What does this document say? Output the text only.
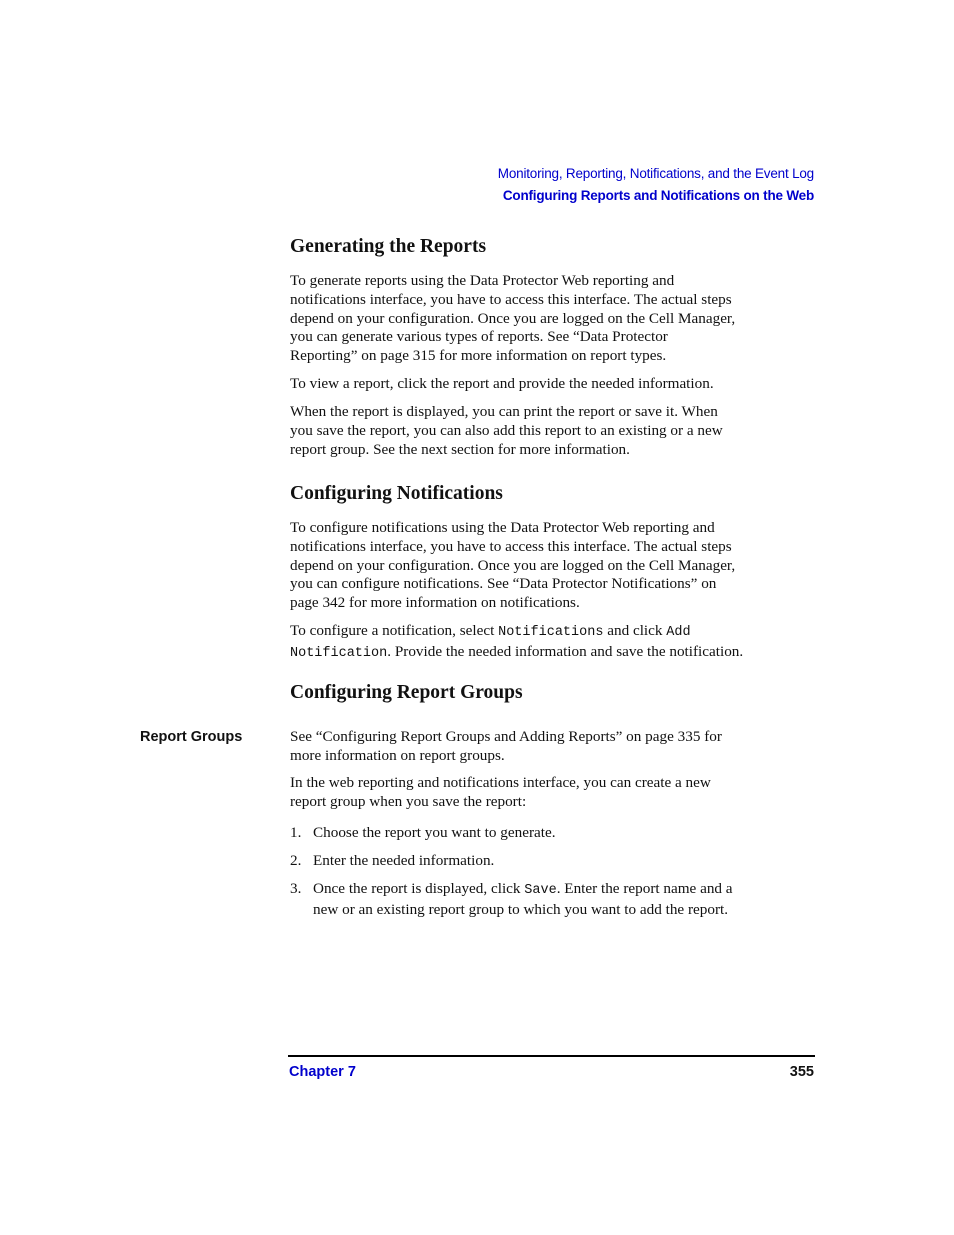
Monitoring, Reporting, Notifications, and the Event Log
Configuring Reports and Notifications on the Web
Generating the Reports

To generate reports using the Data Protector Web reporting and
notifications interface, you have to access this interface. The actual steps
depend on your configuration. Once you are logged on the Cell Manager,
you can generate various types of reports. See “Data Protector
Reporting” on page 315 for more information on report types.

To view a report, click the report and provide the needed information.

When the report is displayed, you can print the report or save it. When
you save the report, you can also add this report to an existing or a new
report group. See the next section for more information.

Configuring Notifications

To configure notifications using the Data Protector Web reporting and
notifications interface, you have to access this interface. The actual steps
depend on your configuration. Once you are logged on the Cell Manager,
you can configure notifications. See “Data Protector Notifications” on
page 342 for more information on notifications.

To configure a notification, select Notifications and click Add
Notification. Provide the needed information and save the notification.

Configuring Report Groups
Report Groups	See “Configuring Report Groups and Adding Reports” on page 335 for
more information on report groups.

In the web reporting and notifications interface, you can create a new
report group when you save the report:

1. Choose the report you want to generate.
2. Enter the needed information.
3. Once the report is displayed, click Save. Enter the report name and a
new or an existing report group to which you want to add the report.
Chapter 7	355
